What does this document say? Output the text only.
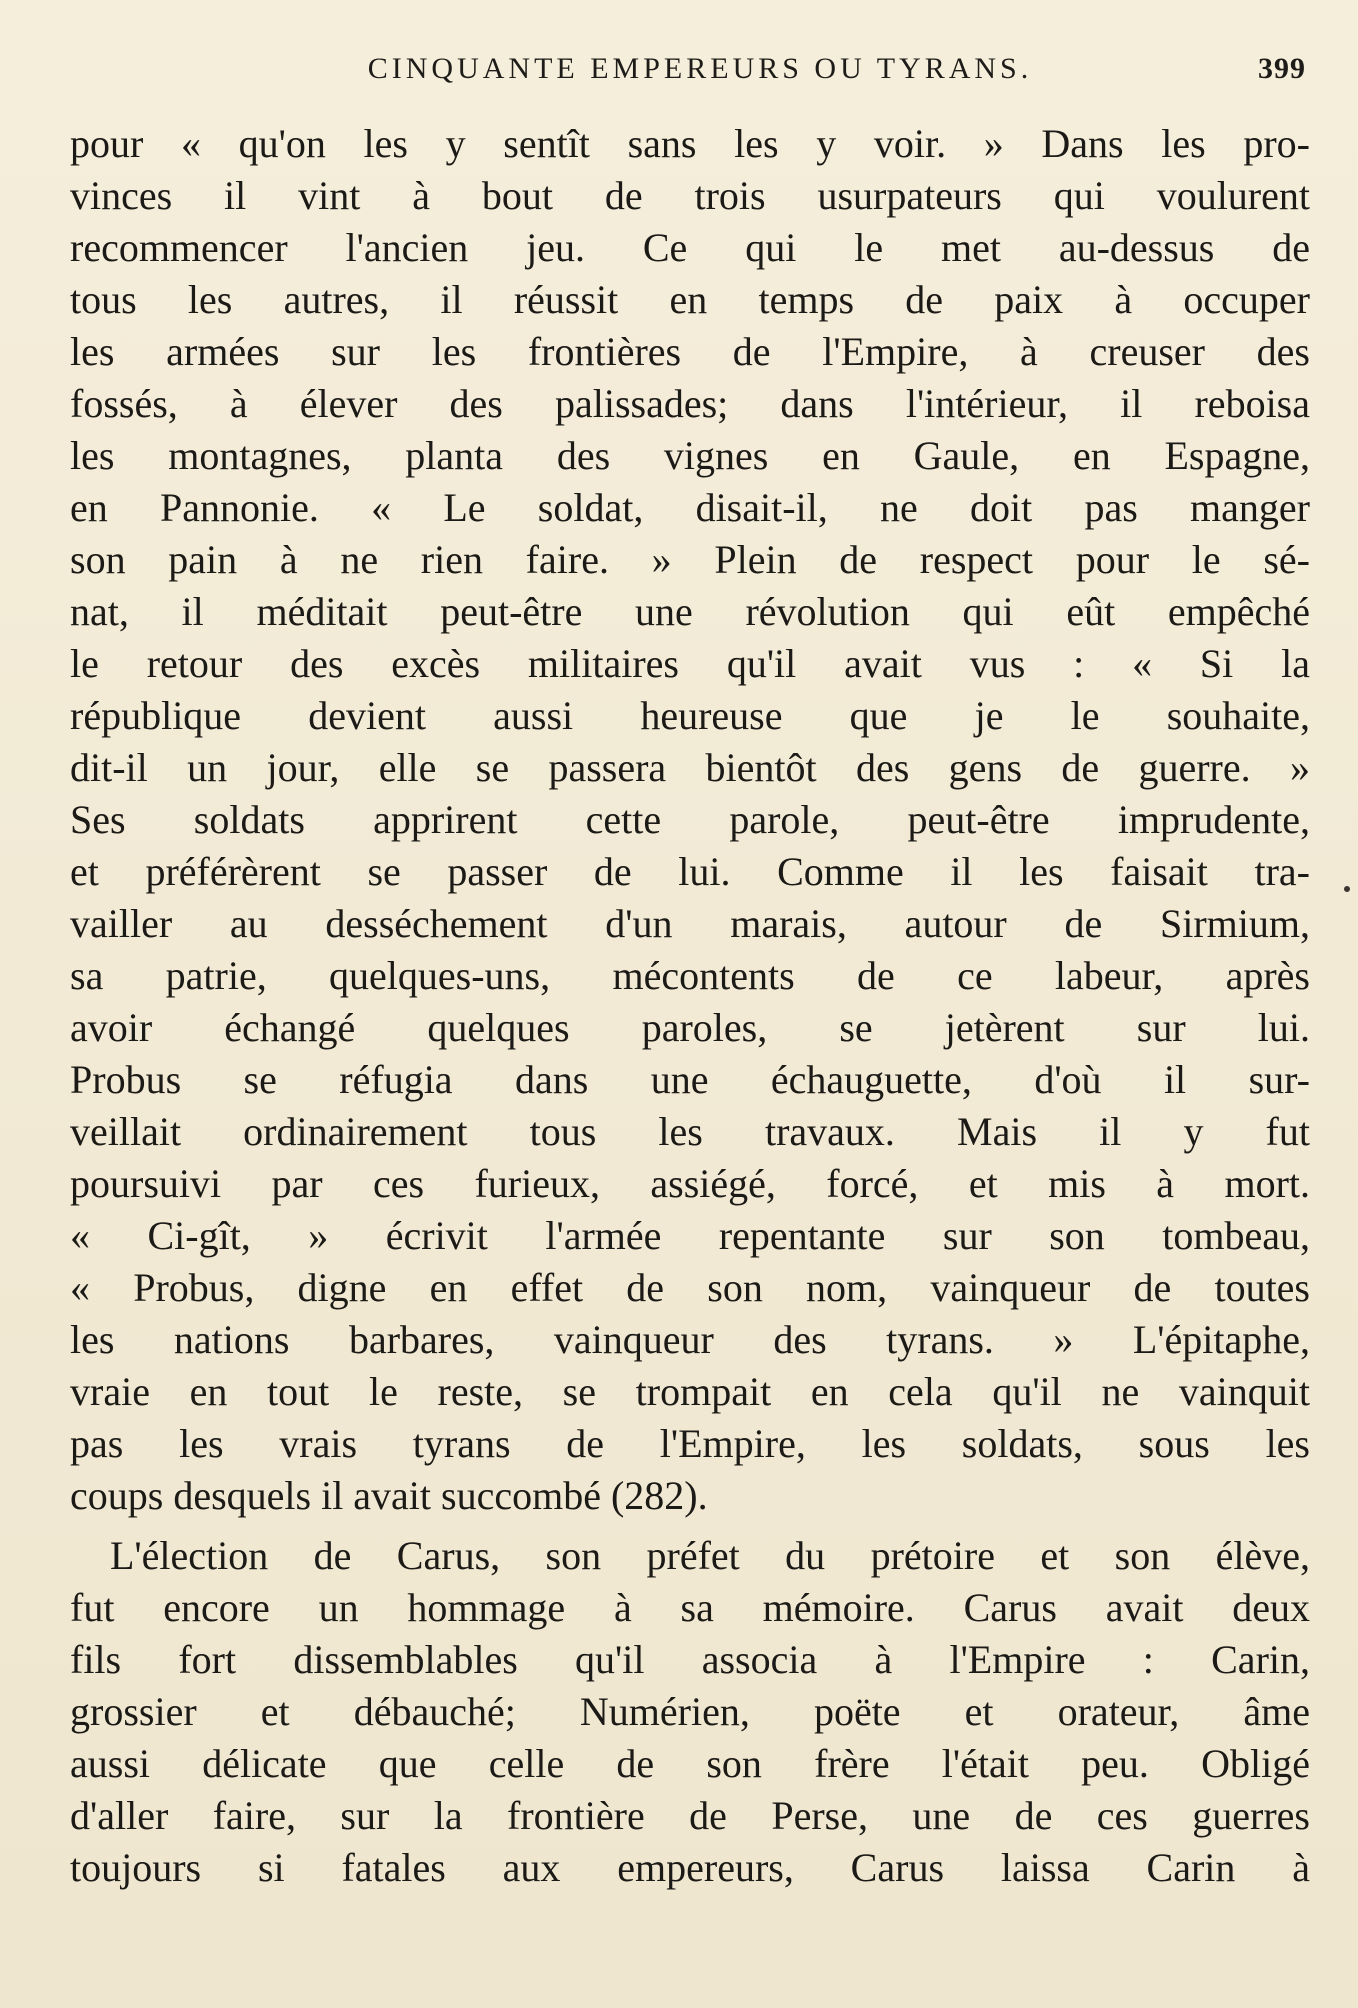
CINQUANTE EMPEREURS OU TYRANS.	399
pour « qu'on les y sentît sans les y voir. » Dans les pro-
vinces il vint à bout de trois usurpateurs qui voulurent
recommencer l'ancien jeu. Ce qui le met au-dessus de
tous les autres, il réussit en temps de paix à occuper
les armées sur les frontières de l'Empire, à creuser des
fossés, à élever des palissades; dans l'intérieur, il reboisa
les montagnes, planta des vignes en Gaule, en Espagne,
en Pannonie. « Le soldat, disait-il, ne doit pas manger
son pain à ne rien faire. » Plein de respect pour le sé-
nat, il méditait peut-être une révolution qui eût empêché
le retour des excès militaires qu'il avait vus : « Si la
république devient aussi heureuse que je le souhaite,
dit-il un jour, elle se passera bientôt des gens de guerre. »
Ses soldats apprirent cette parole, peut-être imprudente,
et préférèrent se passer de lui. Comme il les faisait tra-
vailler au desséchement d'un marais, autour de Sirmium,
sa patrie, quelques-uns, mécontents de ce labeur, après
avoir échangé quelques paroles, se jetèrent sur lui.
Probus se réfugia dans une échauguette, d'où il sur-
veillait ordinairement tous les travaux. Mais il y fut
poursuivi par ces furieux, assiégé, forcé, et mis à mort.
« Ci-gît, » écrivit l'armée repentante sur son tombeau,
« Probus, digne en effet de son nom, vainqueur de toutes
les nations barbares, vainqueur des tyrans. » L'épitaphe,
vraie en tout le reste, se trompait en cela qu'il ne vainquit
pas les vrais tyrans de l'Empire, les soldats, sous les
coups desquels il avait succombé (282).
L'élection de Carus, son préfet du prétoire et son élève,
fut encore un hommage à sa mémoire. Carus avait deux
fils fort dissemblables qu'il associa à l'Empire : Carin,
grossier et débauché; Numérien, poëte et orateur, âme
aussi délicate que celle de son frère l'était peu. Obligé
d'aller faire, sur la frontière de Perse, une de ces guerres
toujours si fatales aux empereurs, Carus laissa Carin à
